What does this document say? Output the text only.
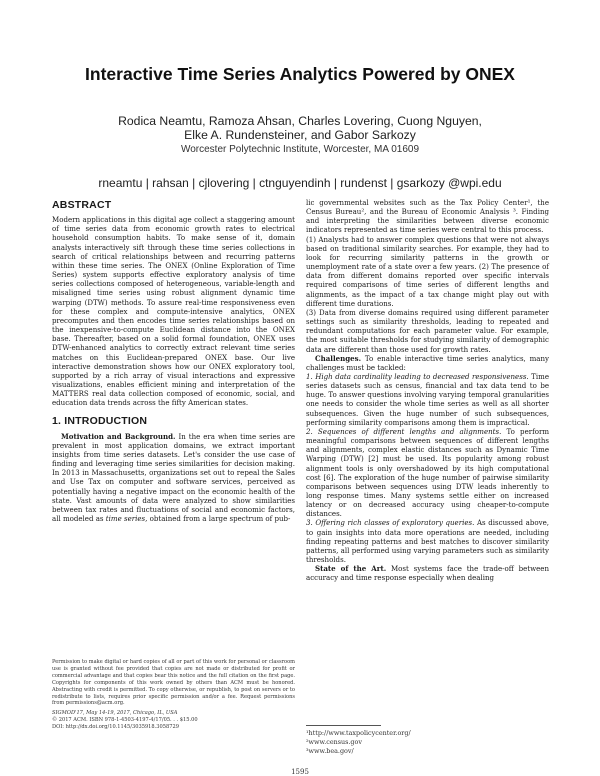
Interactive Time Series Analytics Powered by ONEX
Rodica Neamtu, Ramoza Ahsan, Charles Lovering, Cuong Nguyen,
Elke A. Rundensteiner, and Gabor Sarkozy
Worcester Polytechnic Institute, Worcester, MA 01609
rneamtu | rahsan | cjlovering | ctnguyendinh | rundenst | gsarkozy @wpi.edu
ABSTRACT

Modern applications in this digital age collect a staggering amount of time series data from economic growth rates to electrical household consumption habits. To make sense of it, domain analysts interactively sift through these time series collections in search of critical relationships between and recurring patterns within these time series. The ONEX (Online Exploration of Time Series) system supports effective exploratory analysis of time series collections composed of heterogeneous, variable-length and misaligned time series using robust alignment dynamic time warping (DTW) methods. To assure real-time responsiveness even for these complex and compute-intensive analytics, ONEX precomputes and then encodes time series relationships based on the inexpensive-to-compute Euclidean distance into the ONEX base. Thereafter, based on a solid formal foundation, ONEX uses DTW-enhanced analytics to correctly extract relevant time series matches on this Euclidean-prepared ONEX base. Our live interactive demonstration shows how our ONEX exploratory tool, supported by a rich array of visual interactions and expressive visualizations, enables efficient mining and interpretation of the MATTERS real data collection composed of economic, social, and education data trends across the fifty American states.

1. INTRODUCTION

Motivation and Background. In the era when time series are prevalent in most application domains, we extract important insights from time series datasets. Let's consider the use case of finding and leveraging time series similarities for decision making. In 2013 in Massachusetts, organizations set out to repeal the Sales and Use Tax on computer and software services, perceived as potentially having a negative impact on the economic health of the state. Vast amounts of data were analyzed to show similarities between tax rates and fluctuations of social and economic factors, all modeled as time series, obtained from a large spectrum of pub-

Permission to make digital or hard copies of all or part of this work for personal or classroom use is granted without fee provided that copies are not made or distributed for profit or commercial advantage and that copies bear this notice and the full citation on the first page. Copyrights for components of this work owned by others than ACM must be honored. Abstracting with credit is permitted. To copy otherwise, or republish, to post on servers or to redistribute to lists, requires prior specific permission and/or a fee. Request permissions from permissions@acm.org.

SIGMOD'17, May 14-19, 2017, Chicago, IL, USA

© 2017 ACM. ISBN 978-1-4503-4197-4/17/05. . . $15.00

DOI: http://dx.doi.org/10.1145/3035918.3058729

lic governmental websites such as the Tax Policy Center¹, the Census Bureau², and the Bureau of Economic Analysis ³. Finding and interpreting the similarities between diverse economic indicators represented as time series were central to this process.

(1) Analysts had to answer complex questions that were not always based on traditional similarity searches. For example, they had to look for recurring similarity patterns in the growth or unemployment rate of a state over a few years. (2) The presence of data from different domains reported over specific intervals required comparisons of time series of different lengths and alignments, as the impact of a tax change might play out with different time durations.

(3) Data from diverse domains required using different parameter settings such as similarity thresholds, leading to repeated and redundant computations for each parameter value. For example, the most suitable thresholds for studying similarity of demographic data are different than those used for growth rates.

Challenges. To enable interactive time series analytics, many challenges must be tackled:

1. High data cardinality leading to decreased responsiveness. Time series datasets such as census, financial and tax data tend to be huge. To answer questions involving varying temporal granularities one needs to consider the whole time series as well as all shorter subsequences. Given the huge number of such subsequences, performing similarity comparisons among them is impractical.

2. Sequences of different lengths and alignments. To perform meaningful comparisons between sequences of different lengths and alignments, complex elastic distances such as Dynamic Time Warping (DTW) [2] must be used. Its popularity among robust alignment tools is only overshadowed by its high computational cost [6]. The exploration of the huge number of pairwise similarity comparisons between sequences using DTW leads inherently to long response times. Many systems settle either on increased latency or on decreased accuracy using cheaper-to-compute distances.

3. Offering rich classes of exploratory queries. As discussed above, to gain insights into data more operations are needed, including finding repeating patterns and best matches to discover similarity patterns, all performed using varying parameters such as similarity thresholds.

State of the Art. Most systems face the trade-off between accuracy and time response especially when dealing

¹http://www.taxpolicycenter.org/

²www.census.gov

³www.bea.gov/

1595
